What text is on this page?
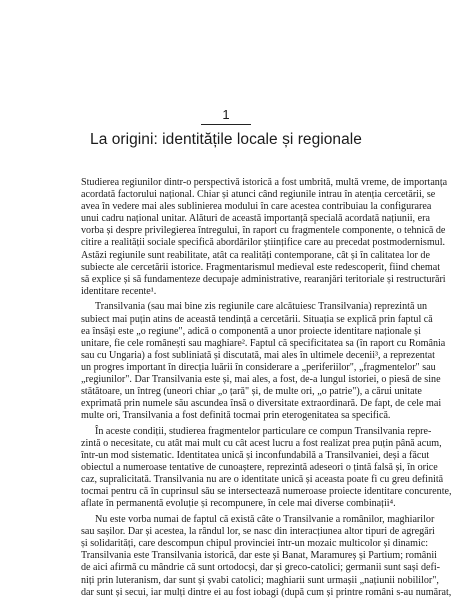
1
La origini: identitățile locale și regionale
Studierea regiunilor dintr-o perspectivă istorică a fost umbrită, multă vreme, de importanța
acordată factorului național. Chiar și atunci când regiunile intrau în atenția cercetării, se
avea în vedere mai ales sublinierea modului în care acestea contribuiau la configurarea
unui cadru național unitar. Alături de această importanță specială acordată națiunii, era
vorba și despre privilegierea întregului, în raport cu fragmentele componente, o tehnică de
citire a realității sociale specifică abordărilor științifice care au precedat postmodernismul.
Astăzi regiunile sunt reabilitate, atât ca realități contemporane, cât și în calitatea lor de
subiecte ale cercetării istorice. Fragmentarismul medieval este redescoperit, fiind chemat
să explice și să fundamenteze decupaje administrative, rearanjări teritoriale și restructurări
identitare recente¹.
Transilvania (sau mai bine zis regiunile care alcătuiesc Transilvania) reprezintă un
subiect mai puțin atins de această tendință a cercetării. Situația se explică prin faptul că
ea însăși este „o regiune", adică o componentă a unor proiecte identitare naționale și
unitare, fie cele românești sau maghiare². Faptul că specificitatea sa (în raport cu România
sau cu Ungaria) a fost subliniată și discutată, mai ales în ultimele decenii³, a reprezentat
un progres important în direcția luării în considerare a „periferiilor", „fragmentelor" sau
„regiunilor". Dar Transilvania este și, mai ales, a fost, de-a lungul istoriei, o piesă de sine
stătătoare, un întreg (uneori chiar „o țară" și, de multe ori, „o patrie"), a cărui unitate
exprimată prin numele său ascundea însă o diversitate extraordinară. De fapt, de cele mai
multe ori, Transilvania a fost definită tocmai prin eterogenitatea sa specifică.
În aceste condiții, studierea fragmentelor particulare ce compun Transilvania repre-
zintă o necesitate, cu atât mai mult cu cât acest lucru a fost realizat prea puțin până acum,
într-un mod sistematic. Identitatea unică și inconfundabilă a Transilvaniei, deși a făcut
obiectul a numeroase tentative de cunoaștere, reprezintă adeseori o țintă falsă și, în orice
caz, supralicitată. Transilvania nu are o identitate unică și aceasta poate fi cu greu definită
tocmai pentru că în cuprinsul său se intersectează numeroase proiecte identitare concurente,
aflate în permanentă evoluție și recompunere, în cele mai diverse combinații⁴.
Nu este vorba numai de faptul că există câte o Transilvanie a românilor, maghiarilor
sau sașilor. Dar și acestea, la rândul lor, se nasc din interacțiunea altor tipuri de agregări
și solidarități, care descompun chipul provinciei într-un mozaic multicolor și dinamic:
Transilvania este Transilvania istorică, dar este și Banat, Maramureș și Partium; românii
de aici afirmă cu mândrie că sunt ortodocși, dar și greco-catolici; germanii sunt sași defi-
niți prin luteranism, dar sunt și șvabi catolici; maghiarii sunt urmașii „națiunii nobililor",
dar sunt și secui, iar mulți dintre ei au fost iobagi (după cum și printre români s-au numărat,
